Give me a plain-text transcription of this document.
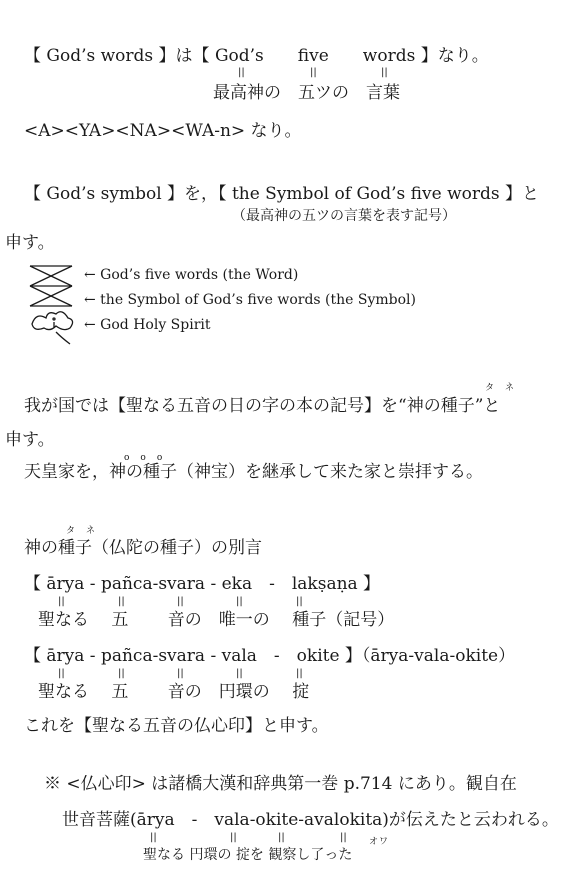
【 God’s words 】は【 God’s　　five　　words 】なり。
||	||	||
最高神の　五ツの　言葉
<A><YA><NA><WA-n> なり。
【 God’s symbol 】を，【 the Symbol of God’s five words 】と
（最高神の五ツの言葉を表す記号）
申す。
← God’s five words (the Word)
← the Symbol of God’s five words (the Symbol)
← God Holy Spirit
タ　ネ
我が国では【聖なる五音の日の字の本の記号】を“神の種子”と
申す。
o　o　o
天皇家を，神の種子（神宝）を継承して来た家と崇拝する。
タ　ネ
神の種子（仏陀の種子）の別言
【 ārya - pañca-svara - eka　-　lakṣaṇa 】
||	||	||	||	||
聖なる　 五　　 音の　唯一の　 種子（記号）
【 ārya - pañca-svara - vala　-　okite 】（ārya-vala-okite）
||	||	||	||	||
聖なる　 五　　 音の　円環の　 掟
これを【聖なる五音の仏心印】と申す。
※ <仏心印> は諸橋大漢和辞典第一巻 p.714 にあり。観自在
世音菩薩(ārya　-　vala-okite-avalokita)が伝えたと云われる。
||	||	||	|| オワ
聖なる 円環の 掟を 観察し了った
